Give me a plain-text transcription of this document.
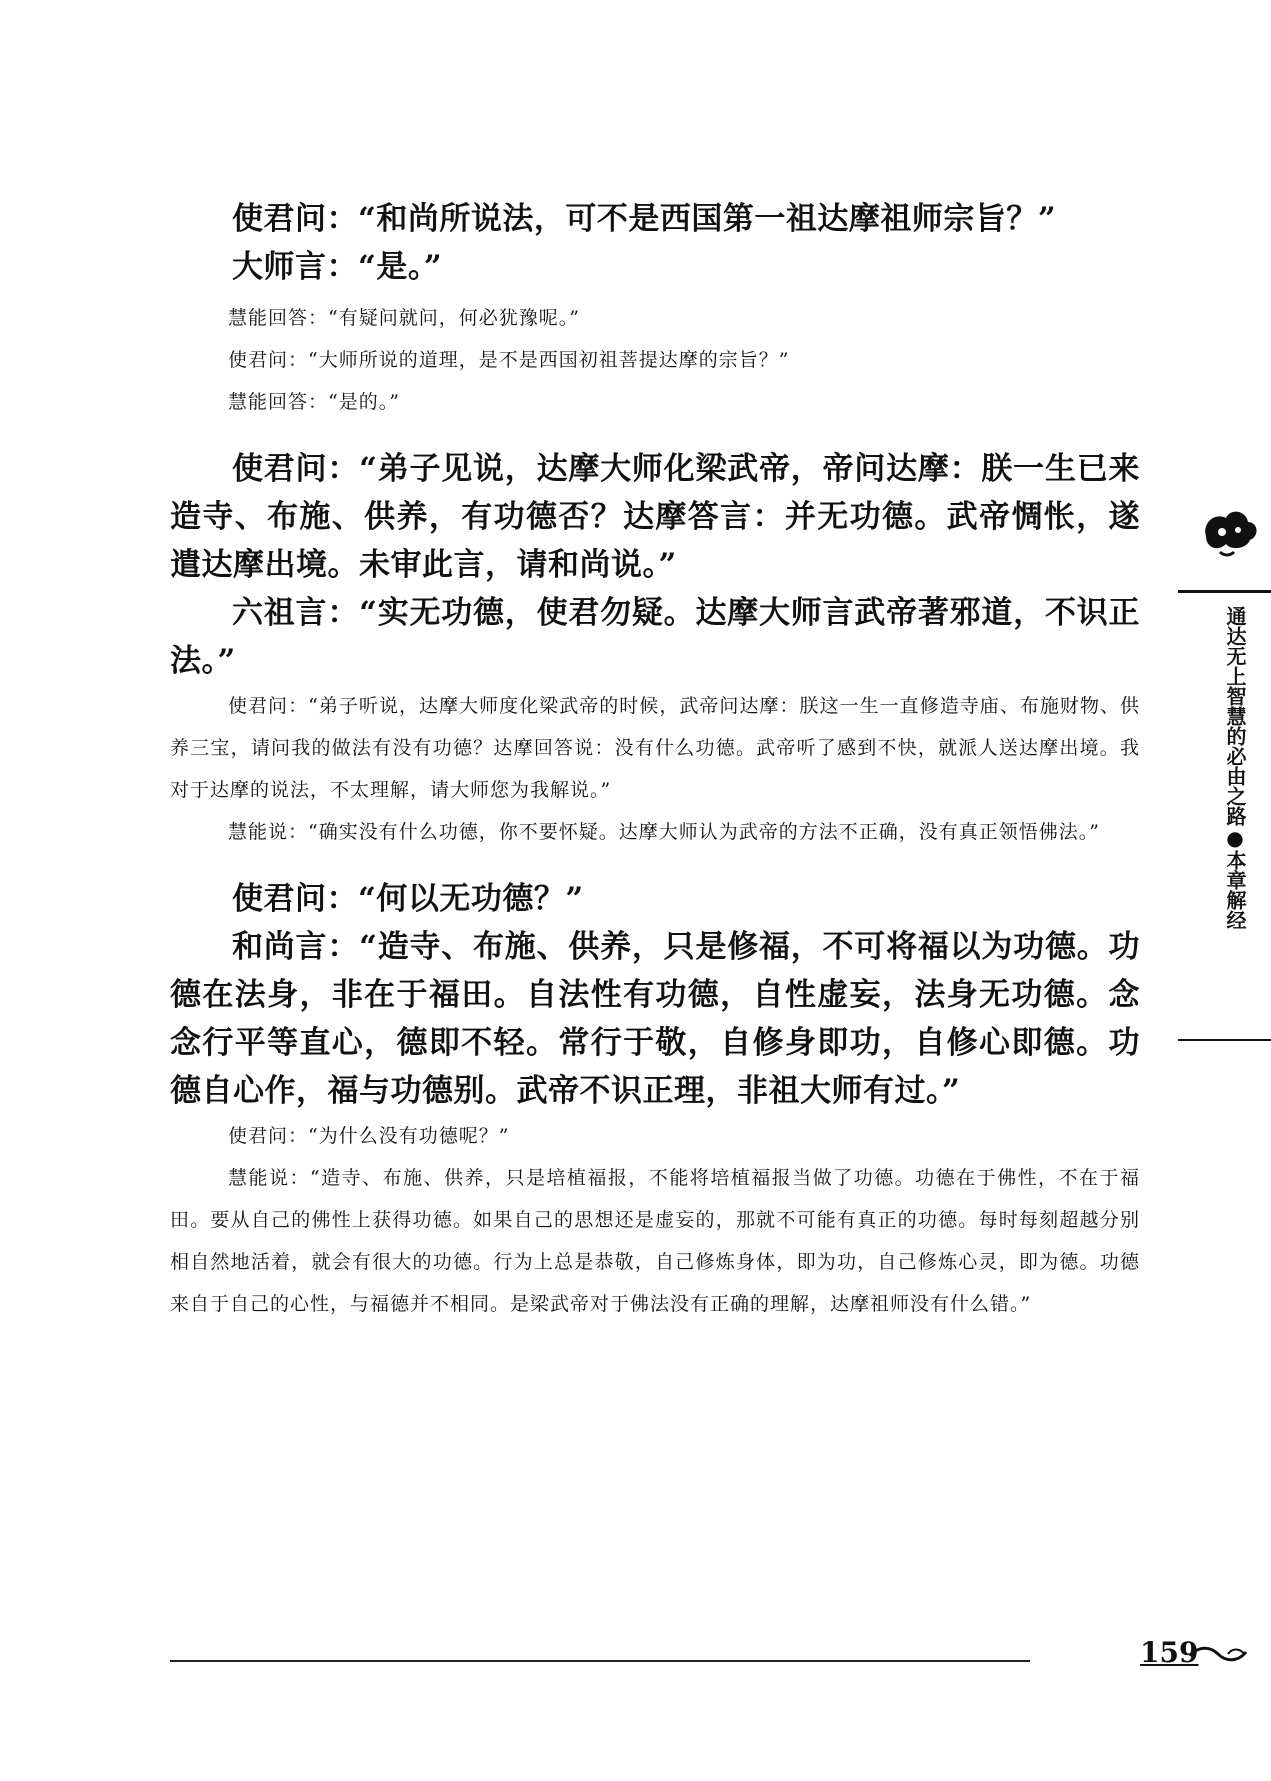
使君问：“和尚所说法，可不是西国第一祖达摩祖师宗旨？”

大师言：“是。”

慧能回答：“有疑问就问，何必犹豫呢。”

使君问：“大师所说的道理，是不是西国初祖菩提达摩的宗旨？”

慧能回答：“是的。”

使君问：“弟子见说，达摩大师化梁武帝，帝问达摩：朕一生已来造寺、布施、供养，有功德否？达摩答言：并无功德。武帝惆怅，遂遣达摩出境。未审此言，请和尚说。”

六祖言：“实无功德，使君勿疑。达摩大师言武帝著邪道，不识正法。”

使君问：“弟子听说，达摩大师度化梁武帝的时候，武帝问达摩：朕这一生一直修造寺庙、布施财物、供养三宝，请问我的做法有没有功德？达摩回答说：没有什么功德。武帝听了感到不快，就派人送达摩出境。我对于达摩的说法，不太理解，请大师您为我解说。”

慧能说：“确实没有什么功德，你不要怀疑。达摩大师认为武帝的方法不正确，没有真正领悟佛法。”

使君问：“何以无功德？”

和尚言：“造寺、布施、供养，只是修福，不可将福以为功德。功德在法身，非在于福田。自法性有功德，自性虚妄，法身无功德。念念行平等直心，德即不轻。常行于敬，自修身即功，自修心即德。功德自心作，福与功德别。武帝不识正理，非祖大师有过。”

使君问：“为什么没有功德呢？”

慧能说：“造寺、布施、供养，只是培植福报，不能将培植福报当做了功德。功德在于佛性，不在于福田。要从自己的佛性上获得功德。如果自己的思想还是虚妄的，那就不可能有真正的功德。每时每刻超越分别相自然地活着，就会有很大的功德。行为上总是恭敬，自己修炼身体，即为功，自己修炼心灵，即为德。功德来自于自己的心性，与福德并不相同。是梁武帝对于佛法没有正确的理解，达摩祖师没有什么错。”

通达无上智慧的必由之路●本章解经
159
